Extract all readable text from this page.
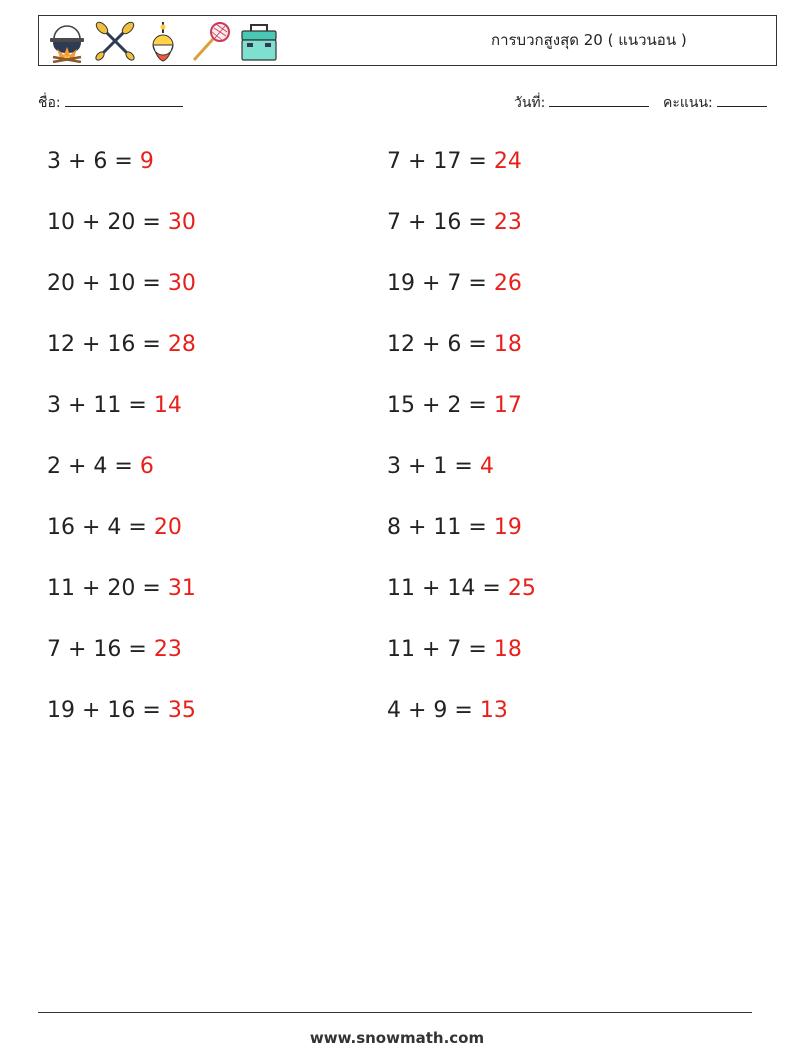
การบวกสูงสุด 20 ( แนวนอน )
ชื่อ:	วันที่:	คะแนน:
3 + 6 = 9
10 + 20 = 30
20 + 10 = 30
12 + 16 = 28
3 + 11 = 14
2 + 4 = 6
16 + 4 = 20
11 + 20 = 31
7 + 16 = 23
19 + 16 = 35
7 + 17 = 24
7 + 16 = 23
19 + 7 = 26
12 + 6 = 18
15 + 2 = 17
3 + 1 = 4
8 + 11 = 19
11 + 14 = 25
11 + 7 = 18
4 + 9 = 13
www.snowmath.com
